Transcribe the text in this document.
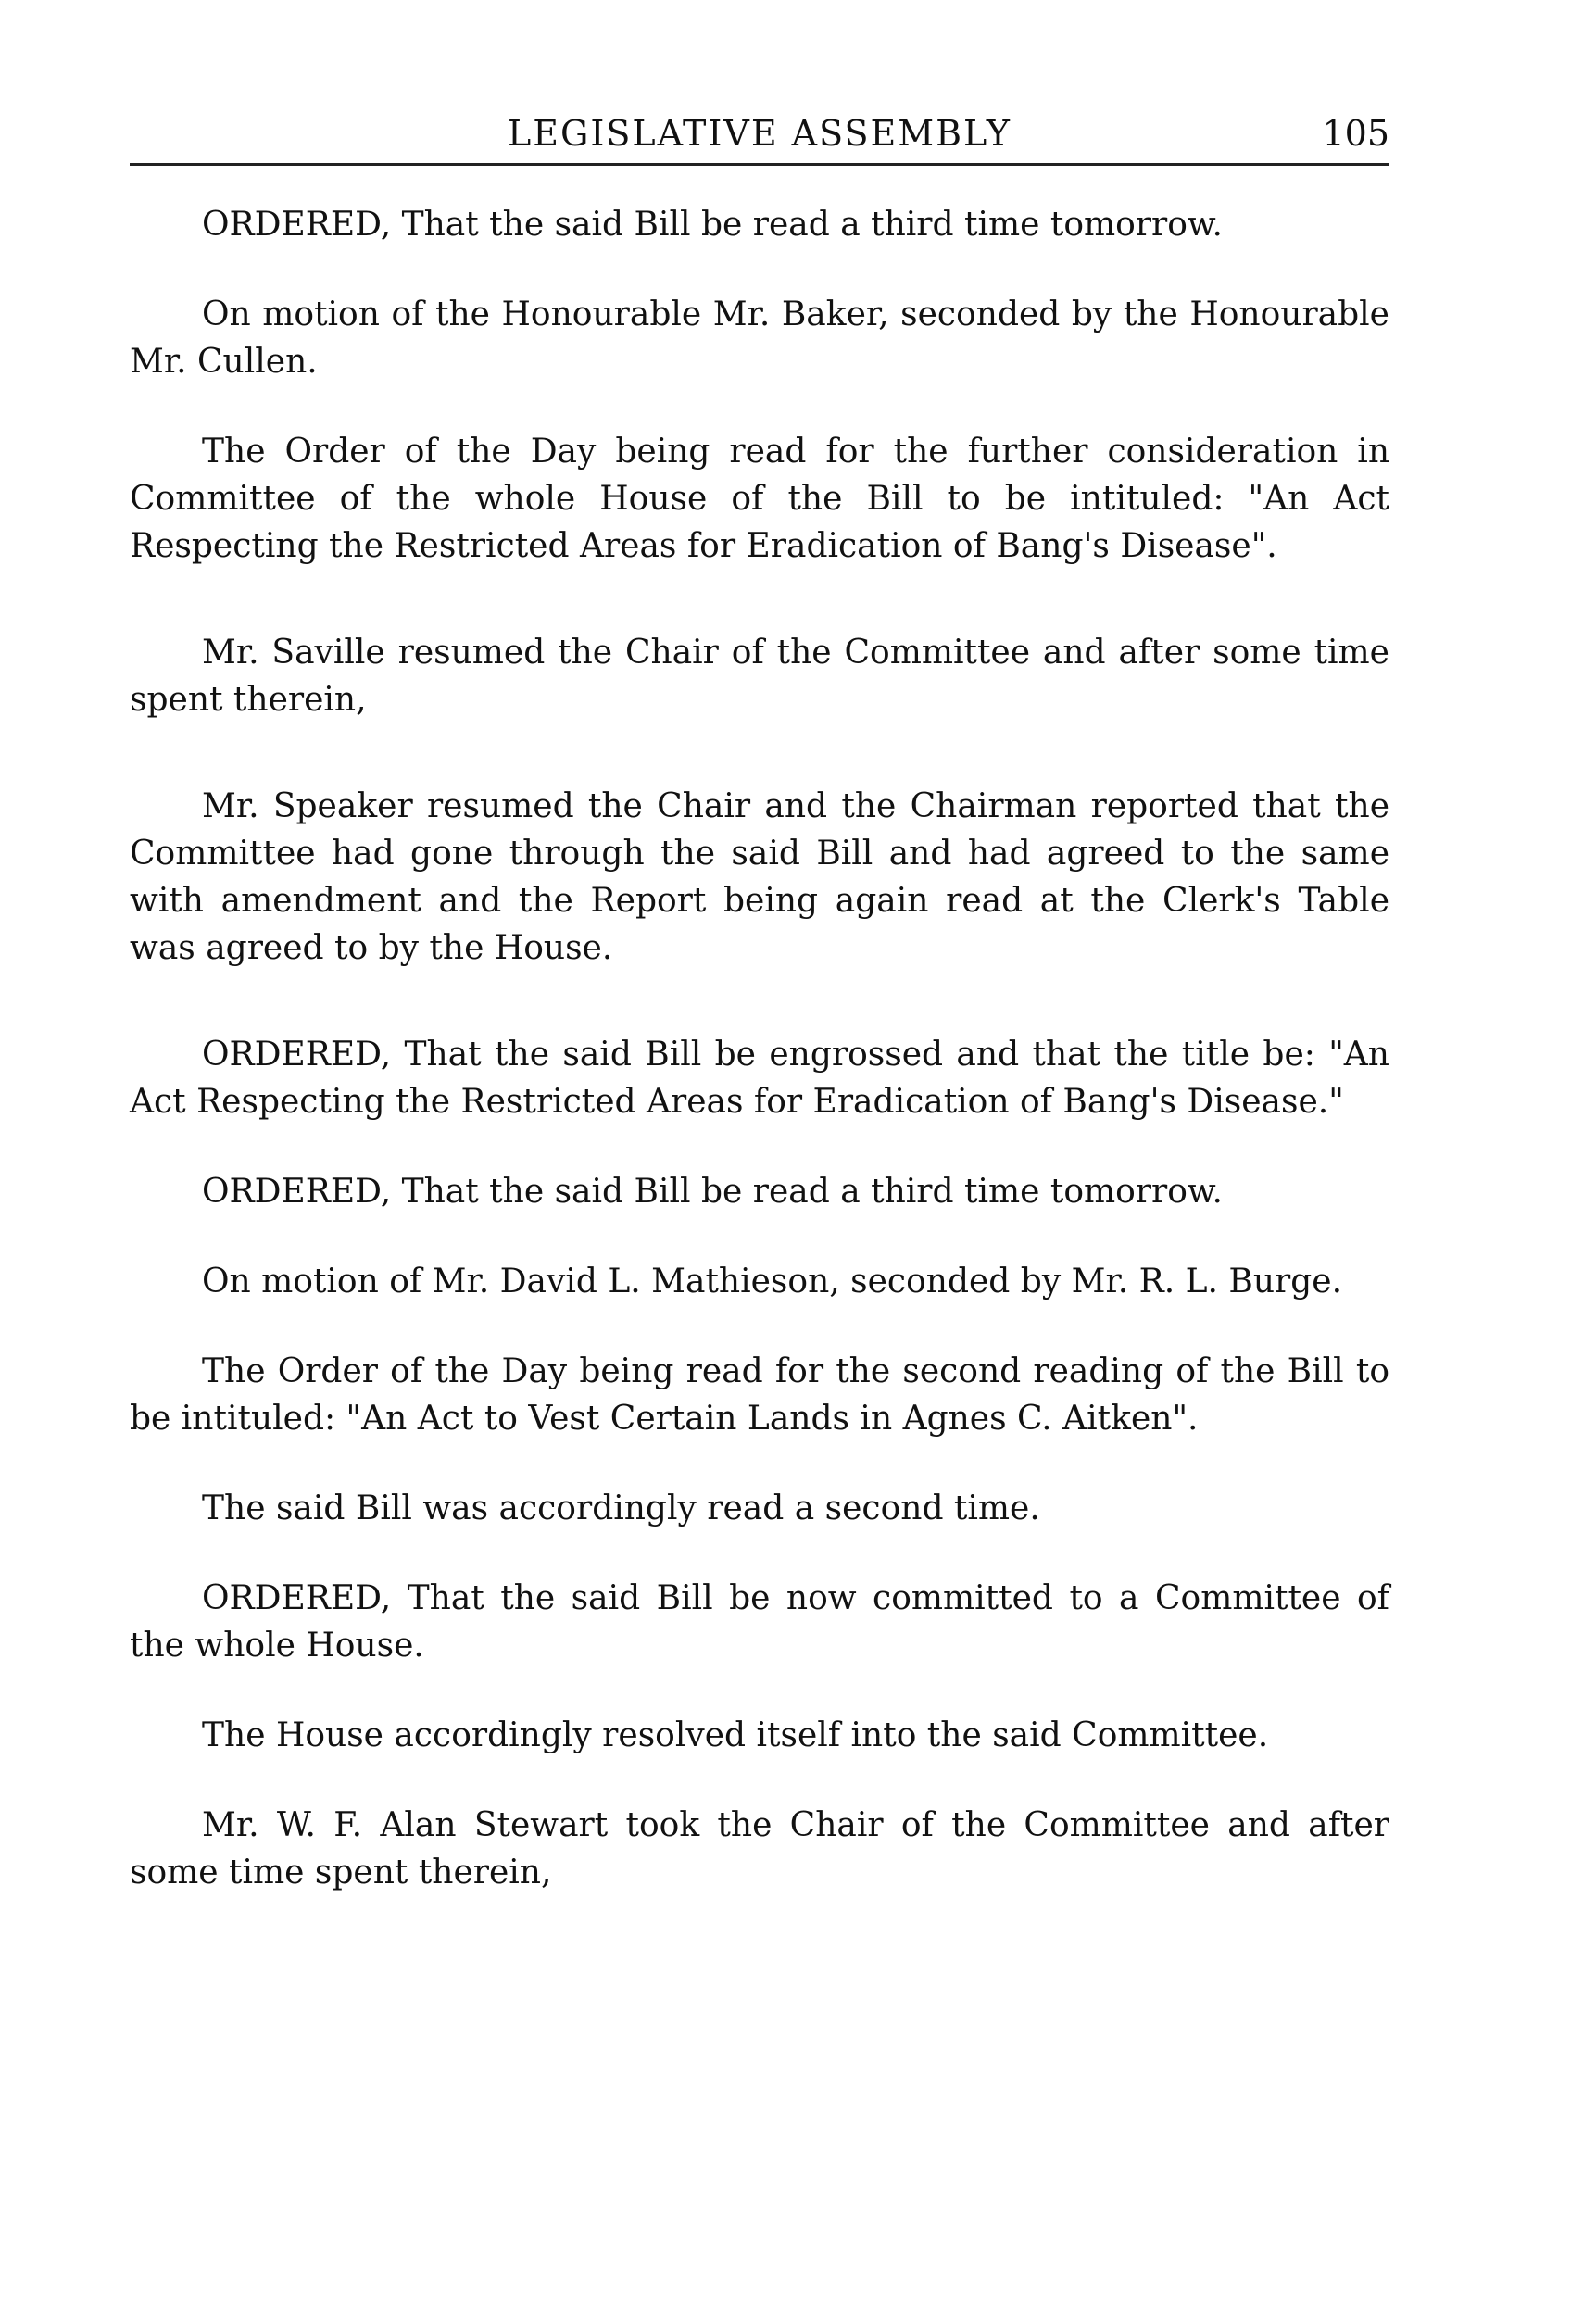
LEGISLATIVE ASSEMBLY	105

ORDERED, That the said Bill be read a third time tomorrow.

On motion of the Honourable Mr. Baker, seconded by the Honourable Mr. Cullen.

The Order of the Day being read for the further consideration in Committee of the whole House of the Bill to be intituled: "An Act Respecting the Restricted Areas for Eradication of Bang's Disease".

Mr. Saville resumed the Chair of the Committee and after some time spent therein,

Mr. Speaker resumed the Chair and the Chairman reported that the Committee had gone through the said Bill and had agreed to the same with amendment and the Report being again read at the Clerk's Table was agreed to by the House.

ORDERED, That the said Bill be engrossed and that the title be: "An Act Respecting the Restricted Areas for Eradication of Bang's Disease."

ORDERED, That the said Bill be read a third time tomorrow.

On motion of Mr. David L. Mathieson, seconded by Mr. R. L. Burge.

The Order of the Day being read for the second reading of the Bill to be intituled: "An Act to Vest Certain Lands in Agnes C. Aitken".

The said Bill was accordingly read a second time.

ORDERED, That the said Bill be now committed to a Committee of the whole House.

The House accordingly resolved itself into the said Committee.

Mr. W. F. Alan Stewart took the Chair of the Committee and after some time spent therein,
